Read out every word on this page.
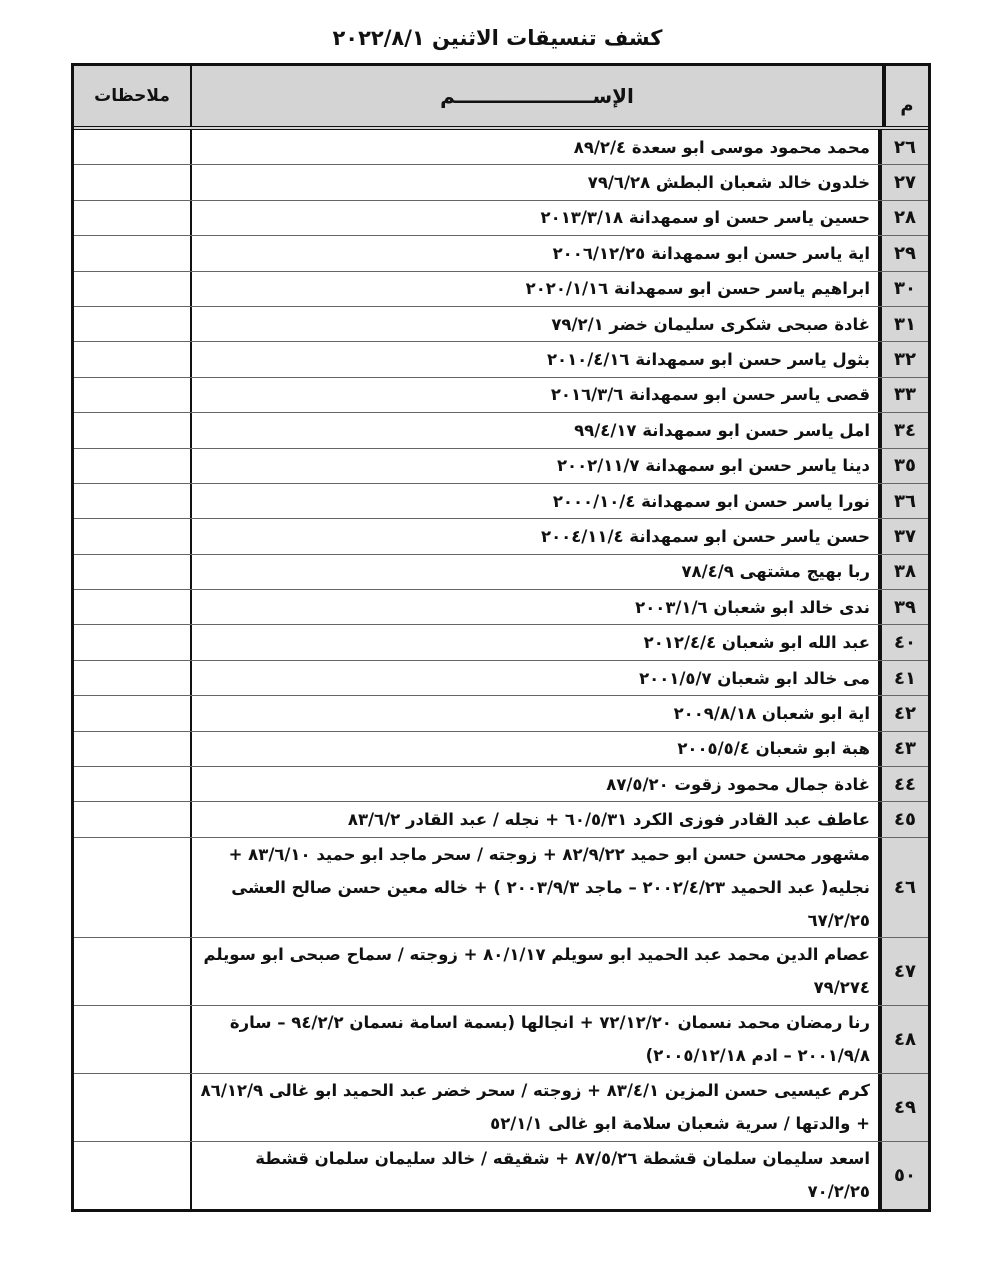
كشف تنسيقات الاثنين ٢٠٢٢/٨/١
م
الإســــــــــــــــــــم
ملاحظات
٢٦
محمد محمود موسى ابو سعدة ٨٩/٢/٤
٢٧
خلدون خالد شعبان البطش ٧٩/٦/٢٨
٢٨
حسين ياسر حسن او سمهدانة ٢٠١٣/٣/١٨
٢٩
اية ياسر حسن ابو سمهدانة ٢٠٠٦/١٢/٢٥
٣٠
ابراهيم ياسر حسن ابو سمهدانة ٢٠٢٠/١/١٦
٣١
غادة صبحى شكرى سليمان خضر ٧٩/٢/١
٣٢
بثول ياسر حسن ابو سمهدانة ٢٠١٠/٤/١٦
٣٣
قصى ياسر حسن ابو سمهدانة ٢٠١٦/٣/٦
٣٤
امل ياسر حسن ابو سمهدانة ٩٩/٤/١٧
٣٥
دينا ياسر حسن ابو سمهدانة ٢٠٠٢/١١/٧
٣٦
نورا ياسر حسن ابو سمهدانة ٢٠٠٠/١٠/٤
٣٧
حسن ياسر حسن ابو سمهدانة ٢٠٠٤/١١/٤
٣٨
ربا بهيج مشتهى ٧٨/٤/٩
٣٩
ندى خالد ابو شعبان ٢٠٠٣/١/٦
٤٠
عبد الله ابو شعبان ٢٠١٢/٤/٤
٤١
مى خالد ابو شعبان ٢٠٠١/٥/٧
٤٢
اية ابو شعبان ٢٠٠٩/٨/١٨
٤٣
هبة ابو شعبان ٢٠٠٥/٥/٤
٤٤
غادة جمال محمود زقوت ٨٧/٥/٢٠
٤٥
عاطف عبد القادر فوزى الكرد ٦٠/٥/٣١ + نجله / عبد القادر ٨٣/٦/٢
٤٦
مشهور محسن حسن ابو حميد ٨٢/٩/٢٢ + زوجته / سحر ماجد ابو حميد ٨٣/٦/١٠ + نجليه( عبد الحميد ٢٠٠٢/٤/٢٣ – ماجد ٢٠٠٣/٩/٣ ) + خاله معين حسن صالح العشى ٦٧/٢/٢٥
٤٧
عصام الدين محمد عبد الحميد ابو سويلم ٨٠/١/١٧ + زوجته / سماح صبحى ابو سويلم ٧٩/٢٧٤
٤٨
رنا رمضان محمد نسمان ٧٢/١٢/٢٠ + انجالها (بسمة اسامة نسمان ٩٤/٢/٢ – سارة ٢٠٠١/٩/٨ – ادم ٢٠٠٥/١٢/١٨)
٤٩
كرم عيسيى حسن المزين ٨٣/٤/١ + زوجته / سحر خضر عبد الحميد ابو غالى ٨٦/١٢/٩ + والدتها / سرية شعبان سلامة ابو غالى ٥٢/١/١
٥٠
اسعد سليمان سلمان قشطة ٨٧/٥/٢٦ + شقيقه / خالد سليمان سلمان قشطة ٧٠/٢/٢٥
